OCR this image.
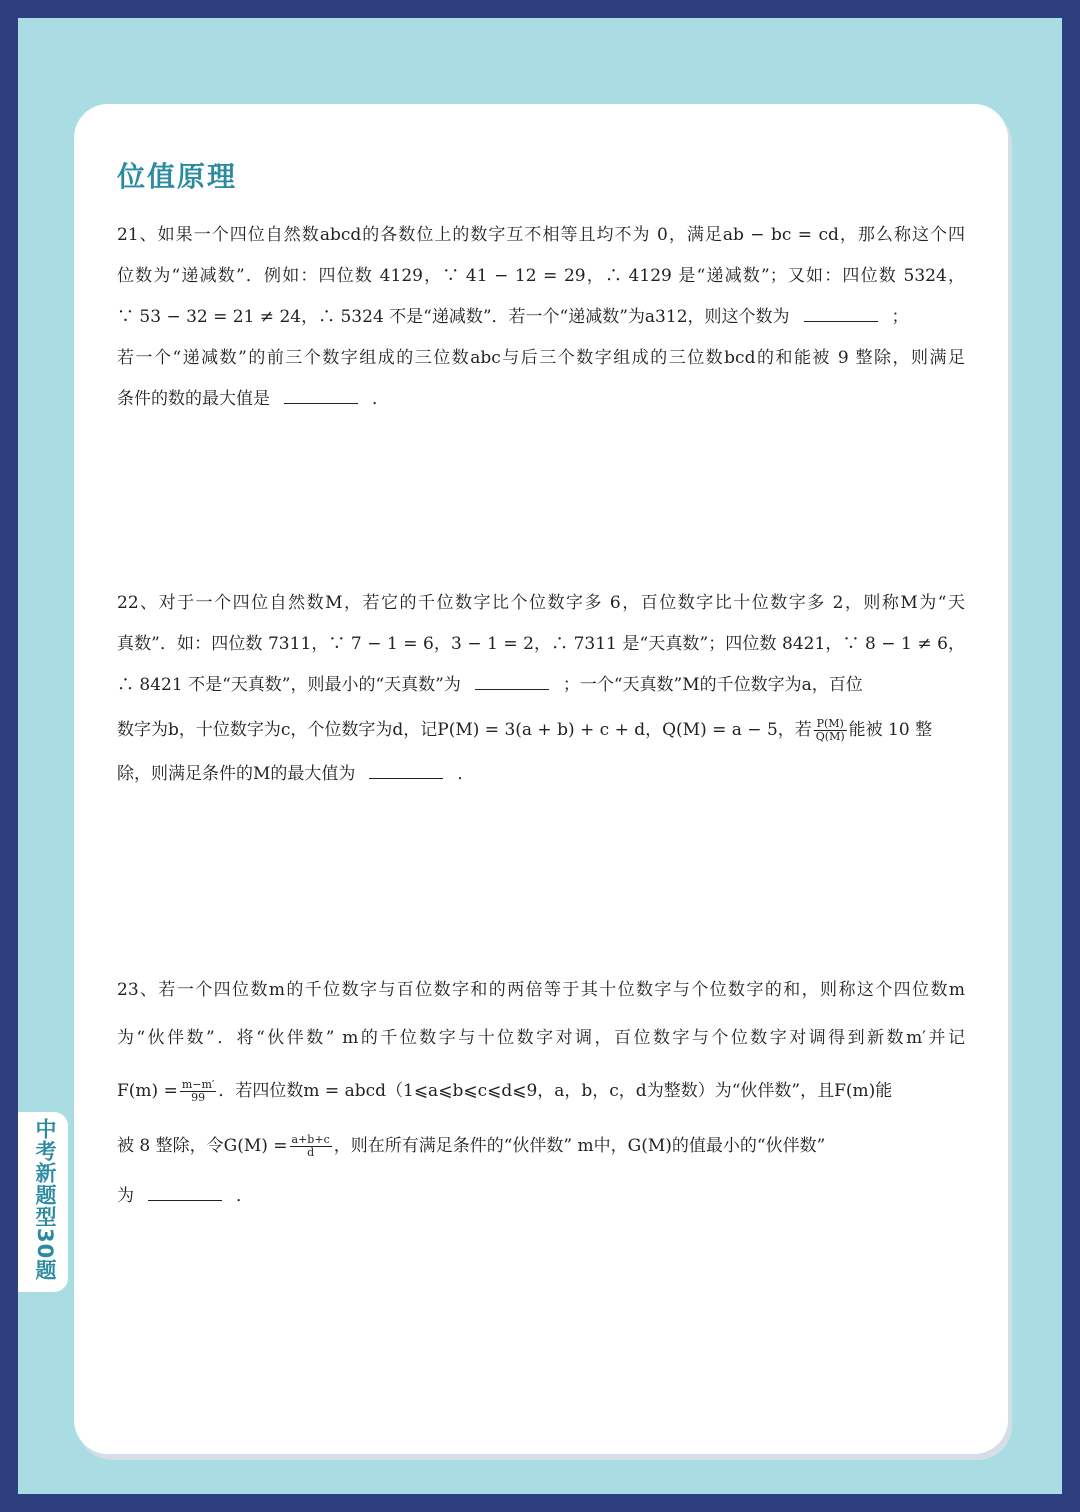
中考新题型30题
位值原理
21、如果一个四位自然数abcd的各数位上的数字互不相等且均不为 0，满足ab − bc = cd，那么称这个四
位数为“递减数”．例如：四位数 4129，∵ 41 − 12 = 29，∴ 4129 是“递减数”；又如：四位数 5324，
∵ 53 − 32 = 21 ≠ 24，∴ 5324 不是“递减数”．若一个“递减数”为a312，则这个数为	；
若一个“递减数”的前三个数字组成的三位数abc与后三个数字组成的三位数bcd的和能被 9 整除，则满足
条件的数的最大值是	．
22、对于一个四位自然数M，若它的千位数字比个位数字多 6，百位数字比十位数字多 2，则称M为“天
真数”．如：四位数 7311，∵ 7 − 1 = 6，3 − 1 = 2，∴ 7311 是“天真数”；四位数 8421，∵ 8 − 1 ≠ 6，
∴ 8421 不是“天真数”，则最小的“天真数”为	；一个“天真数”M的千位数字为a，百位
数字为b，十位数字为c，个位数字为d，记P(M) = 3(a + b) + c + d，Q(M) = a − 5，若 $\frac{P(M)}{Q(M)}$ 能被 10 整
除，则满足条件的M的最大值为	．
23、若一个四位数m的千位数字与百位数字和的两倍等于其十位数字与个位数字的和，则称这个四位数m
为“伙伴数”．将“伙伴数” m的千位数字与十位数字对调，百位数字与个位数字对调得到新数m′并记
$F(m) = \frac{m-m'}{99}$ ．若四位数m = abcd（1⩽a⩽b⩽c⩽d⩽9，a，b，c，d为整数）为“伙伴数”，且F(m)能
被 8 整除，令$G(M) = \frac{a+b+c}{d}$ ，则在所有满足条件的“伙伴数” m中，G(M)的值最小的“伙伴数”
为	．
